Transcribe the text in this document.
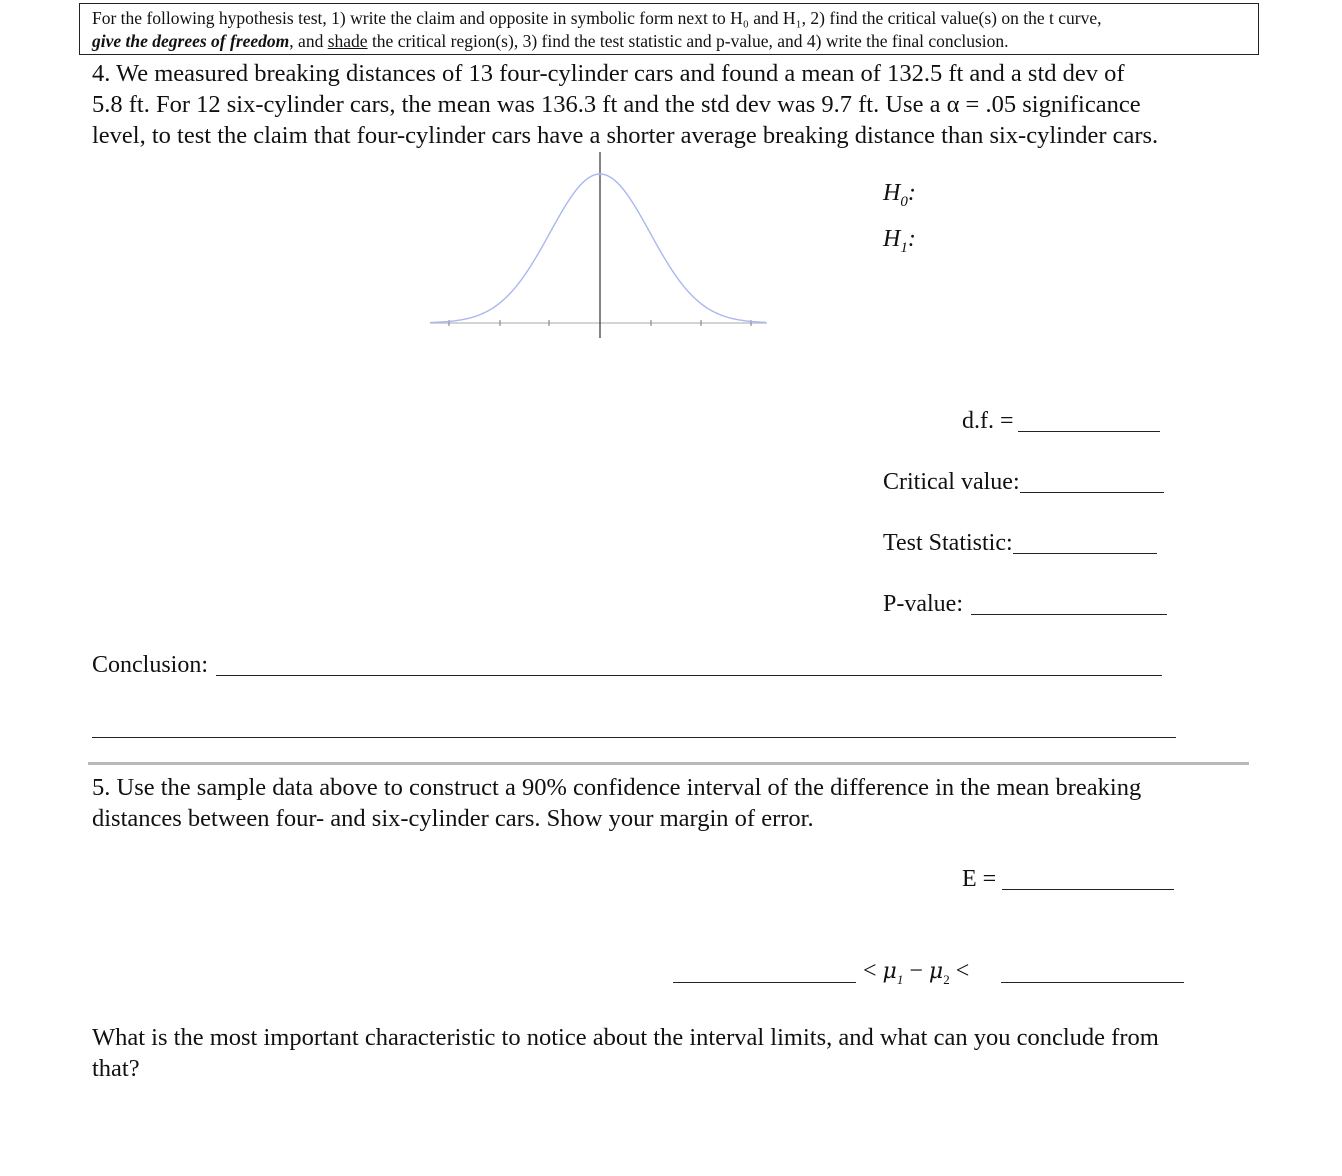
For the following hypothesis test, 1) write the claim and opposite in symbolic form next to H₀ and H₁, 2) find the critical value(s) on the t curve,
give the degrees of freedom, and shade the critical region(s), 3) find the test statistic and p-value, and 4) write the final conclusion.
4. We measured breaking distances of 13 four-cylinder cars and found a mean of 132.5 ft and a std dev of
5.8 ft. For 12 six-cylinder cars, the mean was 136.3 ft and the std dev was 9.7 ft. Use a α = .05 significance
level, to test the claim that four-cylinder cars have a shorter average breaking distance than six-cylinder cars.
$H_0$:
$H_1$:
d.f. =
Critical value:
Test Statistic:
P-value:
Conclusion:
5. Use the sample data above to construct a 90% confidence interval of the difference in the mean breaking
distances between four- and six-cylinder cars. Show your margin of error.
E =
< $\mu_1 - \mu_2$ <
What is the most important characteristic to notice about the interval limits, and what can you conclude from
that?
